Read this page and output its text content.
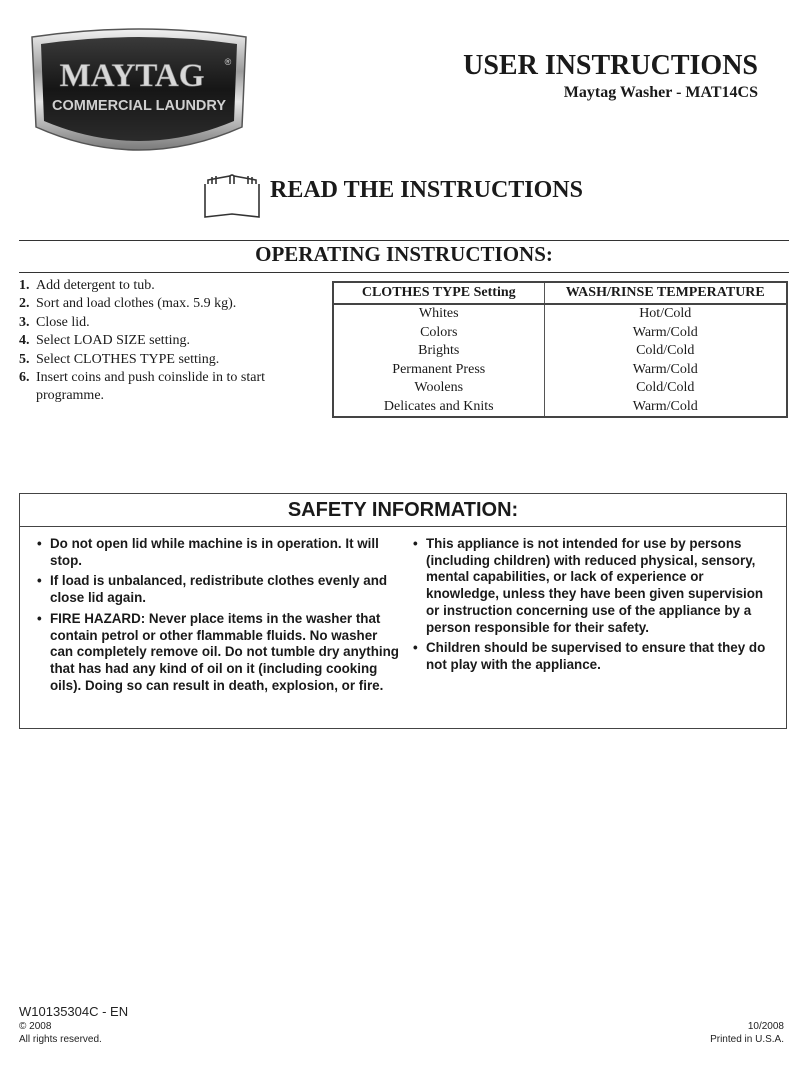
MAYTAG ®
COMMERCIAL LAUNDRY
USER INSTRUCTIONS
Maytag Washer - MAT14CS
READ THE INSTRUCTIONS
OPERATING INSTRUCTIONS:
1. Add detergent to tub.
2. Sort and load clothes (max. 5.9 kg).
3. Close lid.
4. Select LOAD SIZE setting.
5. Select CLOTHES TYPE setting.
6. Insert coins and push coinslide in to start programme.
CLOTHES TYPE Setting	WASH/RINSE TEMPERATURE
Whites	Hot/Cold
Colors	Warm/Cold
Brights	Cold/Cold
Permanent Press	Warm/Cold
Woolens	Cold/Cold
Delicates and Knits	Warm/Cold
SAFETY INFORMATION:
• Do not open lid while machine is in operation. It will stop.
• If load is unbalanced, redistribute clothes evenly and close lid again.
• FIRE HAZARD: Never place items in the washer that contain petrol or other flammable fluids. No washer can completely remove oil. Do not tumble dry anything that has had any kind of oil on it (including cooking oils). Doing so can result in death, explosion, or fire.
• This appliance is not intended for use by persons (including children) with reduced physical, sensory, mental capabilities, or lack of experience or knowledge, unless they have been given supervision or instruction concerning use of the appliance by a person responsible for their safety.
• Children should be supervised to ensure that they do not play with the appliance.
W10135304C - EN
© 2008
All rights reserved.
10/2008
Printed in U.S.A.
